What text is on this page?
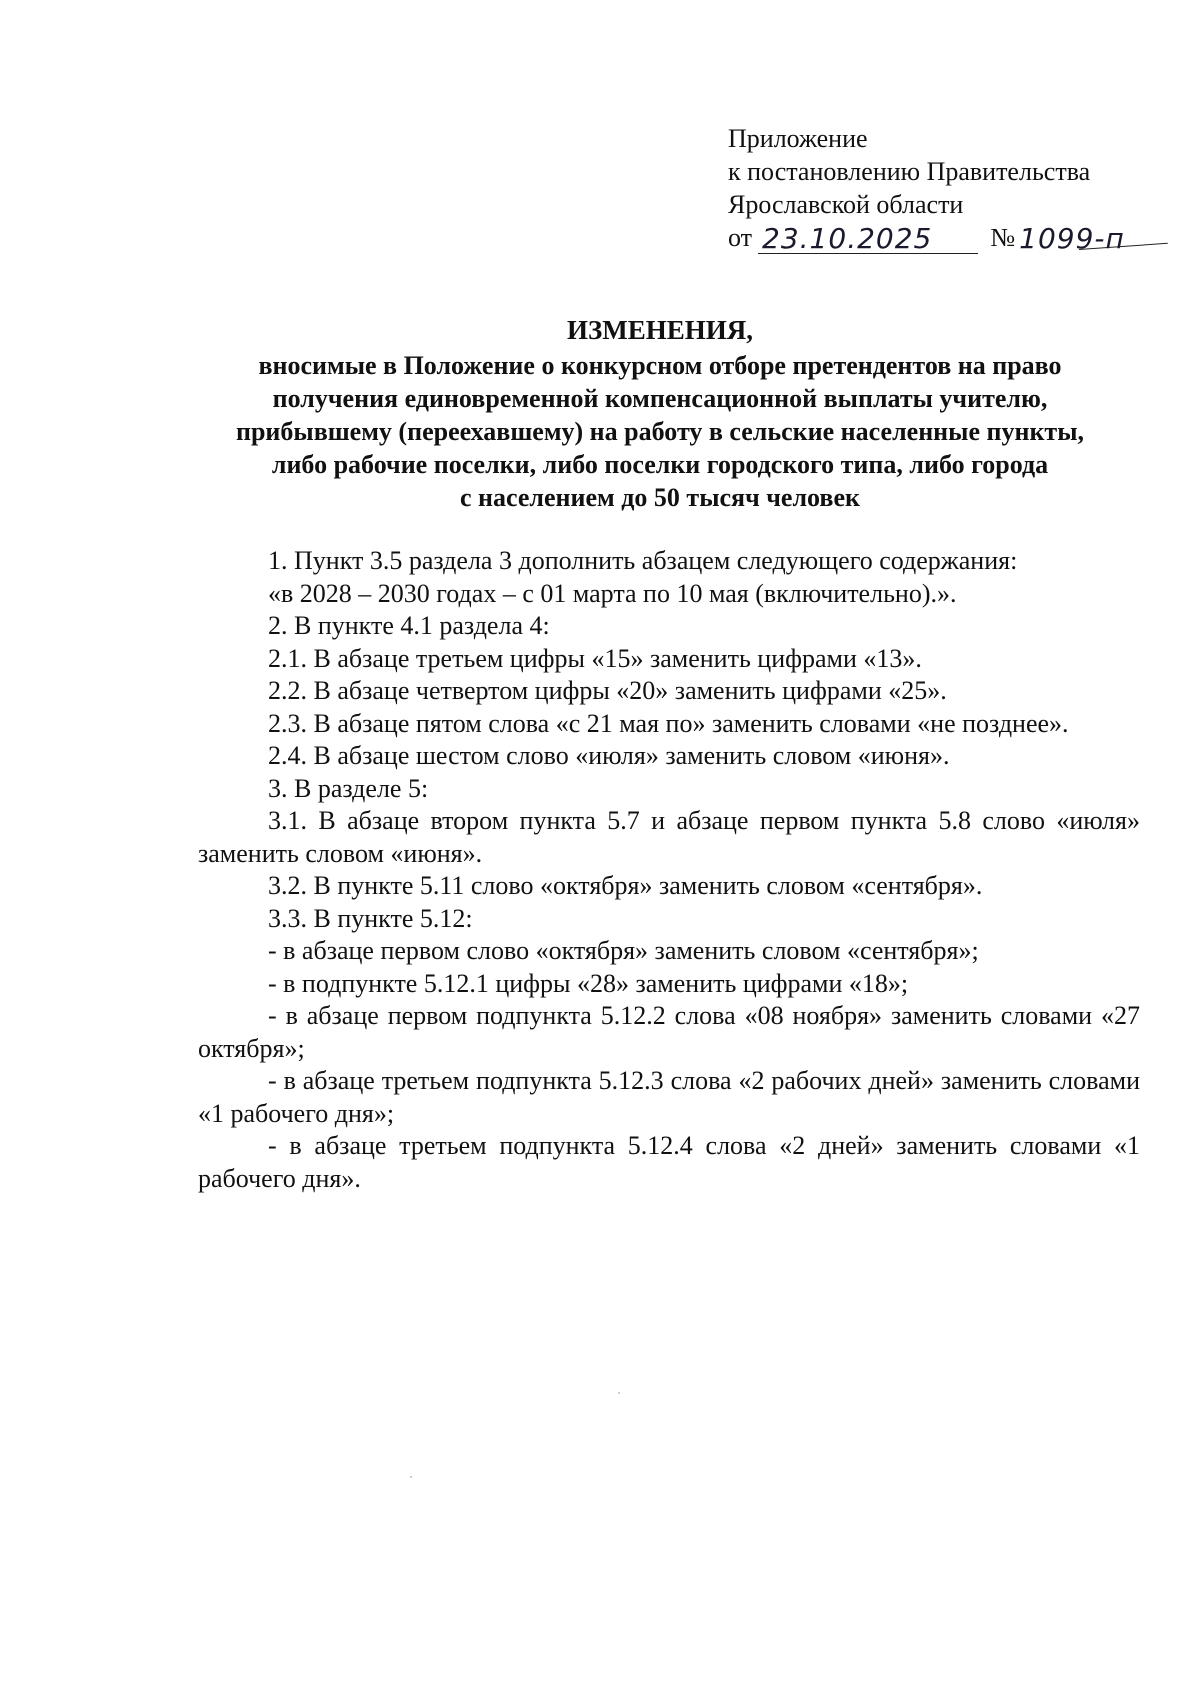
Приложение
к постановлению Правительства
Ярославской области
от 23.10.2025	№ 1099-п
ИЗМЕНЕНИЯ,
вносимые в Положение о конкурсном отборе претендентов на право
получения единовременной компенсационной выплаты учителю,
прибывшему (переехавшему) на работу в сельские населенные пункты,
либо рабочие поселки, либо поселки городского типа, либо города
с населением до 50 тысяч человек

1. Пункт 3.5 раздела 3 дополнить абзацем следующего содержания:

«в 2028 – 2030 годах – с 01 марта по 10 мая (включительно).».

2. В пункте 4.1 раздела 4:

2.1. В абзаце третьем цифры «15» заменить цифрами «13».

2.2. В абзаце четвертом цифры «20» заменить цифрами «25».

2.3. В абзаце пятом слова «с 21 мая по» заменить словами «не позднее».

2.4. В абзаце шестом слово «июля» заменить словом «июня».

3. В разделе 5:

3.1. В абзаце втором пункта 5.7 и абзаце первом пункта 5.8 слово «июля» заменить словом «июня».

3.2. В пункте 5.11 слово «октября» заменить словом «сентября».

3.3. В пункте 5.12:

- в абзаце первом слово «октября» заменить словом «сентября»;

- в подпункте 5.12.1 цифры «28» заменить цифрами «18»;

- в абзаце первом подпункта 5.12.2 слова «08 ноября» заменить словами «27 октября»;

- в абзаце третьем подпункта 5.12.3 слова «2 рабочих дней» заменить словами «1 рабочего дня»;

- в абзаце третьем подпункта 5.12.4 слова «2 дней» заменить словами «1 рабочего дня».
